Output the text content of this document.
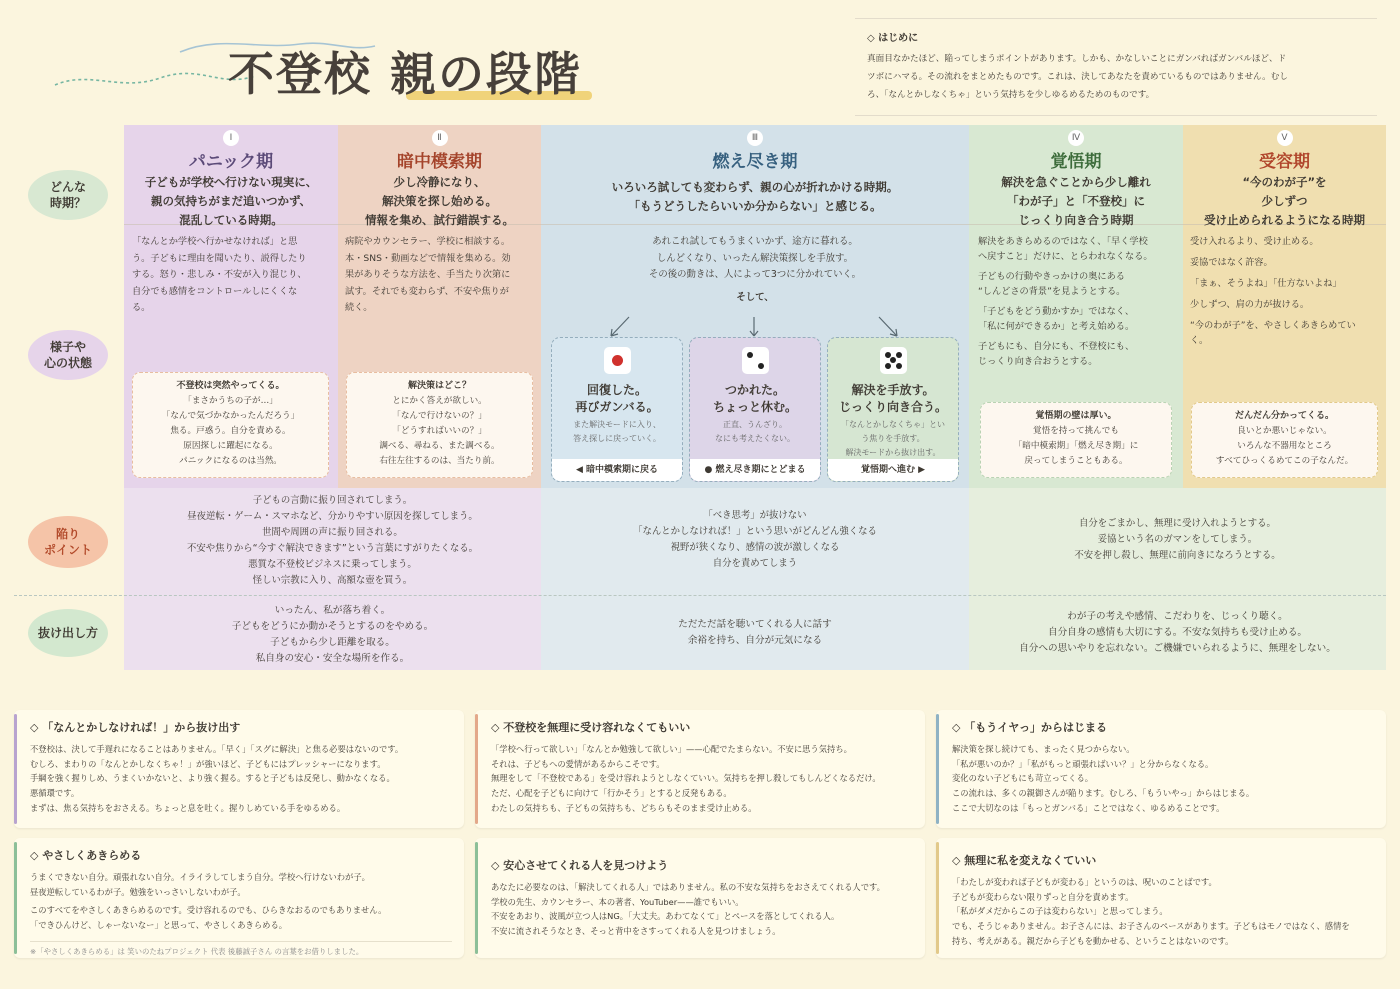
不登校 親の段階
◇ はじめに
真面目なかたほど、陥ってしまうポイントがあります。しかも、かなしいことにガンバればガンバルほど、ド
ツボにハマる。その流れをまとめたものです。これは、決してあなたを責めているものではありません。むし
ろ、「なんとかしなくちゃ」という気持ちを少しゆるめるためのものです。
どんな
時期？
様子や
心の状態
陥り
ポイント
抜け出し方
Ⅰ
パニック期
子どもが学校へ行けない現実に、
親の気持ちがまだ追いつかず、
混乱している時期。
Ⅱ
暗中模索期
少し冷静になり、
解決策を探し始める。
情報を集め、試行錯誤する。
Ⅲ
燃え尽き期
いろいろ試しても変わらず、親の心が折れかける時期。
「もうどうしたらいいか分からない」と感じる。
Ⅳ
覚悟期
解決を急ぐことから少し離れ
「わが子」と「不登校」に
じっくり向き合う時期
Ⅴ
受容期
“今のわが子”を
少しずつ
受け止められるようになる時期
「なんとか学校へ行かせなければ」と思
う。子どもに理由を聞いたり、説得したり
する。怒り・悲しみ・不安が入り混じり、
自分でも感情をコントロールしにくくな
る。
不登校は突然やってくる。
「まさかうちの子が…」
「なんで気づかなかったんだろう」
焦る。戸惑う。自分を責める。
原因探しに躍起になる。
パニックになるのは当然。
病院やカウンセラー、学校に相談する。
本・SNS・動画などで情報を集める。効
果がありそうな方法を、手当たり次第に
試す。それでも変わらず、不安や焦りが
続く。
解決策はどこ？
とにかく答えが欲しい。
「なんで行けないの？」
「どうすればいいの？」
調べる、尋ねる、また調べる。
右往左往するのは、当たり前。
あれこれ試してもうまくいかず、途方に暮れる。
しんどくなり、いったん解決策探しを手放す。
その後の動きは、人によって3つに分かれていく。
そして、
回復した。
再びガンバる。
また解決モードに入り、
答え探しに戻っていく。
◀ 暗中模索期に戻る
つかれた。
ちょっと休む。
正直、うんざり。
なにも考えたくない。
● 燃え尽き期にとどまる
解決を手放す。
じっくり向き合う。
「なんとかしなくちゃ」とい
う焦りを手放す。
解決モードから抜け出す。
覚悟期へ進む ▶
解決をあきらめるのではなく、「早く学校
へ戻すこと」だけに、とらわれなくなる。
子どもの行動やきっかけの奥にある
“しんどさの背景”を見ようとする。
「子どもをどう動かすか」ではなく、
「私に何ができるか」と考え始める。
子どもにも、自分にも、不登校にも、
じっくり向き合おうとする。
覚悟期の壁は厚い。
覚悟を持って挑んでも
「暗中模索期」「燃え尽き期」に
戻ってしまうこともある。
受け入れるより、受け止める。
妥協ではなく許容。
「まぁ、そうよね」「仕方ないよね」
少しずつ、肩の力が抜ける。
“今のわが子”を、やさしくあきらめてい
く。
だんだん分かってくる。
良いとか悪いじゃない。
いろんな不器用なところ
すべてひっくるめてこの子なんだ。
子どもの言動に振り回されてしまう。
昼夜逆転・ゲーム・スマホなど、分かりやすい原因を探してしまう。
世間や周囲の声に振り回される。
不安や焦りから“今すぐ解決できます”という言葉にすがりたくなる。
悪質な不登校ビジネスに乗ってしまう。
怪しい宗教に入り、高額な壺を買う。
「べき思考」が抜けない
「なんとかしなければ！」という思いがどんどん強くなる
視野が狭くなり、感情の波が激しくなる
自分を責めてしまう
自分をごまかし、無理に受け入れようとする。
妥協という名のガマンをしてしまう。
不安を押し殺し、無理に前向きになろうとする。
いったん、私が落ち着く。
子どもをどうにか動かそうとするのをやめる。
子どもから少し距離を取る。
私自身の安心・安全な場所を作る。
ただただ話を聴いてくれる人に話す
余裕を持ち、自分が元気になる
わが子の考えや感情、こだわりを、じっくり聴く。
自分自身の感情も大切にする。不安な気持ちも受け止める。
自分への思いやりを忘れない。ご機嫌でいられるように、無理をしない。
◇ 「なんとかしなければ！」から抜け出す
不登校は、決して手遅れになることはありません。「早く」「スグに解決」と焦る必要はないのです。
むしろ、まわりの「なんとかしなくちゃ！」が強いほど、子どもにはプレッシャーになります。
手綱を強く握りしめ、うまくいかないと、より強く握る。すると子どもは反発し、動かなくなる。
悪循環です。
まずは、焦る気持ちをおさえる。ちょっと息を吐く。握りしめている手をゆるめる。
◇ 不登校を無理に受け容れなくてもいい
「学校へ行って欲しい」「なんとか勉強して欲しい」——心配でたまらない。不安に思う気持ち。
それは、子どもへの愛情があるからこそです。
無理をして「不登校である」を受け容れようとしなくていい。気持ちを押し殺してもしんどくなるだけ。
ただ、心配を子どもに向けて「行かそう」とすると反発もある。
わたしの気持ちも、子どもの気持ちも、どちらもそのまま受け止める。
◇ 「もうイヤっ」からはじまる
解決策を探し続けても、まったく見つからない。
「私が悪いのか？」「私がもっと頑張ればいい？」と分からなくなる。
変化のない子どもにも苛立ってくる。
この流れは、多くの親御さんが陥ります。むしろ、「もういやっ」からはじまる。
ここで大切なのは「もっとガンバる」ことではなく、ゆるめることです。
◇ やさしくあきらめる
うまくできない自分。頑張れない自分。イライラしてしまう自分。学校へ行けないわが子。
昼夜逆転しているわが子。勉強をいっさいしないわが子。
このすべてをやさしくあきらめるのです。受け容れるのでも、ひらきなおるのでもありません。
「できひんけど、しゃーないなー」と思って、やさしくあきらめる。
※「やさしくあきらめる」は 笑いのたねプロジェクト 代表 後藤誠子さん の言葉をお借りしました。
◇ 安心させてくれる人を見つけよう
あなたに必要なのは、「解決してくれる人」ではありません。私の不安な気持ちをおさえてくれる人です。
学校の先生、カウンセラー、本の著者、YouTuber——誰でもいい。
不安をあおり、波風が立つ人はNG。「大丈夫。あわてなくて」とペースを落としてくれる人。
不安に流されそうなとき、そっと背中をさすってくれる人を見つけましょう。
◇ 無理に私を変えなくていい
「わたしが変われば子どもが変わる」というのは、呪いのことばです。
子どもが変わらない限りずっと自分を責めます。
「私がダメだからこの子は変わらない」と思ってしまう。
でも、そうじゃありません。お子さんには、お子さんのペースがあります。子どもはモノではなく、感情を
持ち、考えがある。親だから子どもを動かせる、ということはないのです。
